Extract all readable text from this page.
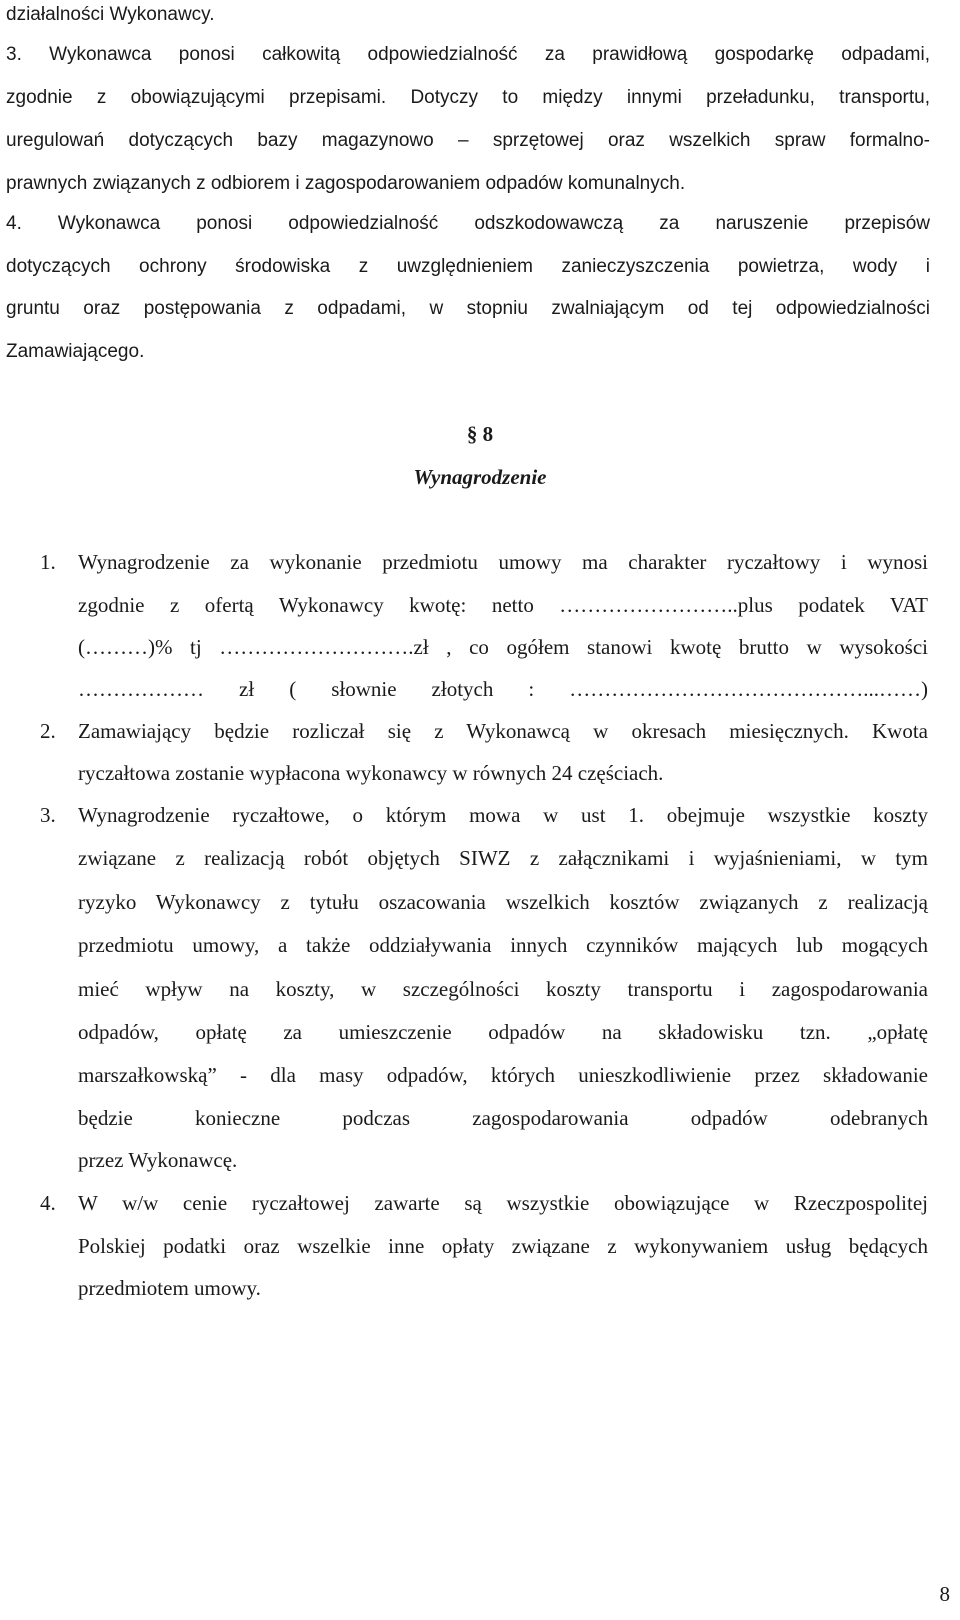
działalności Wykonawcy.
3. Wykonawca ponosi całkowitą odpowiedzialność za prawidłową gospodarkę odpadami,
zgodnie z obowiązującymi przepisami. Dotyczy to między innymi przeładunku, transportu,
uregulowań dotyczących bazy magazynowo – sprzętowej oraz wszelkich spraw formalno-
prawnych związanych z odbiorem i zagospodarowaniem odpadów komunalnych.
4. Wykonawca ponosi odpowiedzialność odszkodowawczą za naruszenie przepisów
dotyczących ochrony środowiska z uwzględnieniem zanieczyszczenia powietrza, wody i
gruntu oraz postępowania z odpadami, w stopniu zwalniającym od tej odpowiedzialności
Zamawiającego.
§ 8
Wynagrodzenie
1. Wynagrodzenie za wykonanie przedmiotu umowy ma charakter ryczałtowy i wynosi
zgodnie z ofertą Wykonawcy kwotę: netto ……………………..plus podatek VAT
(………)% tj ……………………….zł , co ogółem stanowi kwotę brutto w wysokości
……………… zł ( słownie złotych : ……………………………………...……)
2. Zamawiający będzie rozliczał się z Wykonawcą w okresach miesięcznych. Kwota
ryczałtowa zostanie wypłacona wykonawcy w równych 24 częściach.
3. Wynagrodzenie ryczałtowe, o którym mowa w ust 1. obejmuje wszystkie koszty
związane z realizacją robót objętych SIWZ z załącznikami i wyjaśnieniami, w tym
ryzyko Wykonawcy z tytułu oszacowania wszelkich kosztów związanych z realizacją
przedmiotu umowy, a także oddziaływania innych czynników mających lub mogących
mieć wpływ na koszty, w szczególności koszty transportu i zagospodarowania
odpadów, opłatę za umieszczenie odpadów na składowisku tzn. „opłatę
marszałkowską” - dla masy odpadów, których unieszkodliwienie przez składowanie
będzie konieczne podczas zagospodarowania odpadów odebranych
przez Wykonawcę.
4. W w/w cenie ryczałtowej zawarte są wszystkie obowiązujące w Rzeczpospolitej
Polskiej podatki oraz wszelkie inne opłaty związane z wykonywaniem usług będących
przedmiotem umowy.
8
